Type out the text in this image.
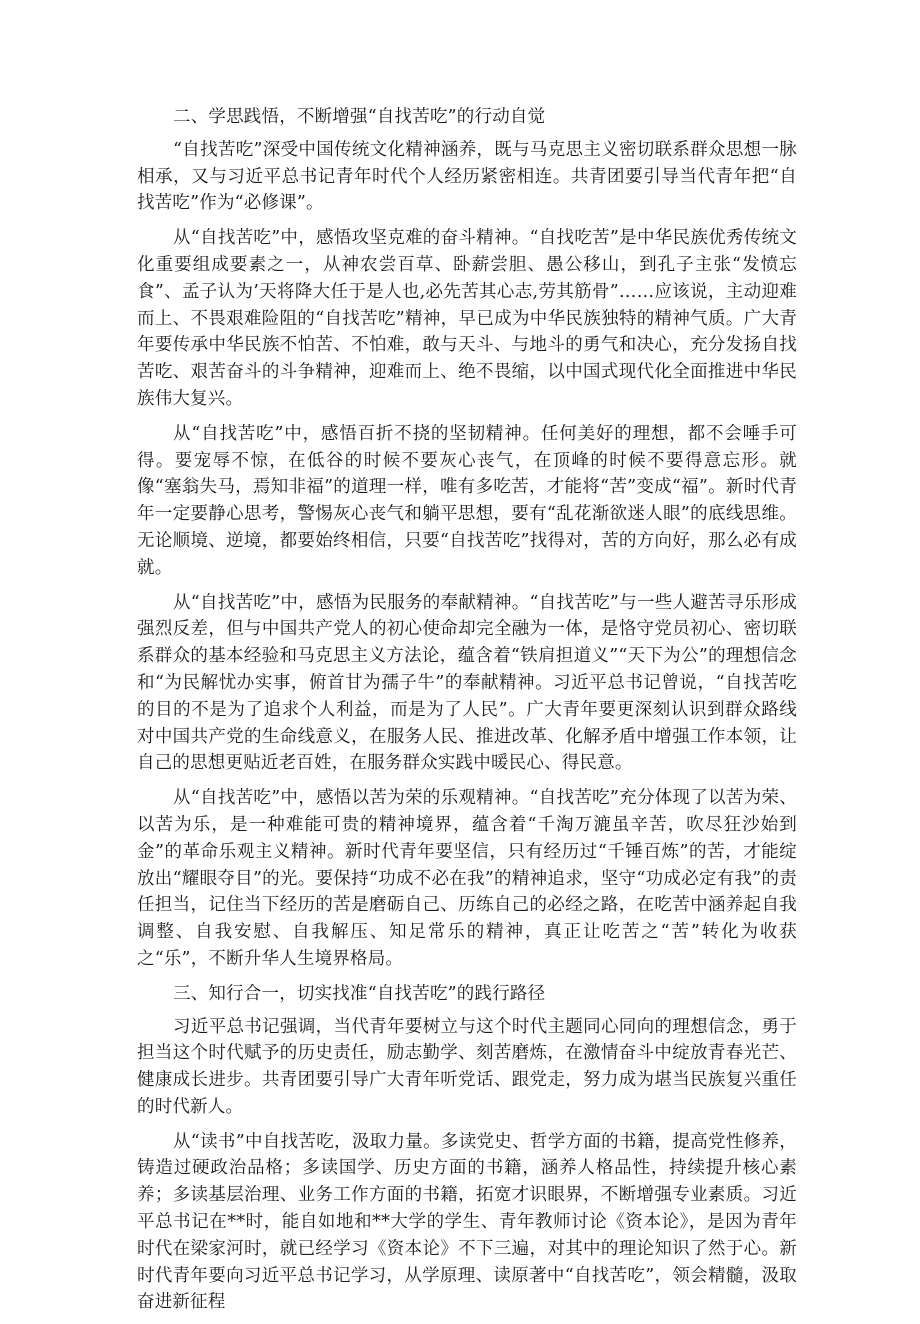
二、学思践悟，不断增强“自找苦吃”的行动自觉

“自找苦吃”深受中国传统文化精神涵养，既与马克思主义密切联系群众思想一脉相承，又与习近平总书记青年时代个人经历紧密相连。共青团要引导当代青年把“自找苦吃”作为“必修课”。

从“自找苦吃”中，感悟攻坚克难的奋斗精神。“自找吃苦”是中华民族优秀传统文化重要组成要素之一，从神农尝百草、卧薪尝胆、愚公移山，到孔子主张“发愤忘食”、孟子认为’天将降大任于是人也,必先苦其心志,劳其筋骨”……应该说，主动迎难而上、不畏艰难险阻的“自找苦吃”精神，早已成为中华民族独特的精神气质。广大青年要传承中华民族不怕苦、不怕难，敢与天斗、与地斗的勇气和决心，充分发扬自找苦吃、艰苦奋斗的斗争精神，迎难而上、绝不畏缩，以中国式现代化全面推进中华民族伟大复兴。

从“自找苦吃”中，感悟百折不挠的坚韧精神。任何美好的理想，都不会唾手可得。要宠辱不惊，在低谷的时候不要灰心丧气，在顶峰的时候不要得意忘形。就像“塞翁失马，焉知非福”的道理一样，唯有多吃苦，才能将“苦”变成“福”。新时代青年一定要静心思考，警惕灰心丧气和躺平思想，要有“乱花渐欲迷人眼”的底线思维。无论顺境、逆境，都要始终相信，只要“自找苦吃”找得对，苦的方向好，那么必有成就。

从“自找苦吃”中，感悟为民服务的奉献精神。“自找苦吃”与一些人避苦寻乐形成强烈反差，但与中国共产党人的初心使命却完全融为一体，是恪守党员初心、密切联系群众的基本经验和马克思主义方法论，蕴含着“铁肩担道义”“天下为公”的理想信念和“为民解忧办实事，俯首甘为孺子牛”的奉献精神。习近平总书记曾说，“自找苦吃的目的不是为了追求个人利益，而是为了人民”。广大青年要更深刻认识到群众路线对中国共产党的生命线意义，在服务人民、推进改革、化解矛盾中增强工作本领，让自己的思想更贴近老百姓，在服务群众实践中暖民心、得民意。

从“自找苦吃”中，感悟以苦为荣的乐观精神。“自找苦吃”充分体现了以苦为荣、以苦为乐，是一种难能可贵的精神境界，蕴含着“千淘万漉虽辛苦，吹尽狂沙始到金”的革命乐观主义精神。新时代青年要坚信，只有经历过“千锤百炼”的苦，才能绽放出“耀眼夺目”的光。要保持“功成不必在我”的精神追求，坚守“功成必定有我”的责任担当，记住当下经历的苦是磨砺自己、历练自己的必经之路，在吃苦中涵养起自我调整、自我安慰、自我解压、知足常乐的精神，真正让吃苦之“苦”转化为收获之“乐”，不断升华人生境界格局。

三、知行合一，切实找准“自找苦吃”的践行路径

习近平总书记强调，当代青年要树立与这个时代主题同心同向的理想信念，勇于担当这个时代赋予的历史责任，励志勤学、刻苦磨炼，在激情奋斗中绽放青春光芒、健康成长进步。共青团要引导广大青年听党话、跟党走，努力成为堪当民族复兴重任的时代新人。

从“读书”中自找苦吃，汲取力量。多读党史、哲学方面的书籍，提高党性修养，铸造过硬政治品格；多读国学、历史方面的书籍，涵养人格品性，持续提升核心素养；多读基层治理、业务工作方面的书籍，拓宽才识眼界，不断增强专业素质。习近平总书记在**时，能自如地和**大学的学生、青年教师讨论《资本论》，是因为青年时代在梁家河时，就已经学习《资本论》不下三遍，对其中的理论知识了然于心。新时代青年要向习近平总书记学习，从学原理、读原著中“自找苦吃”，领会精髓，汲取奋进新征程
